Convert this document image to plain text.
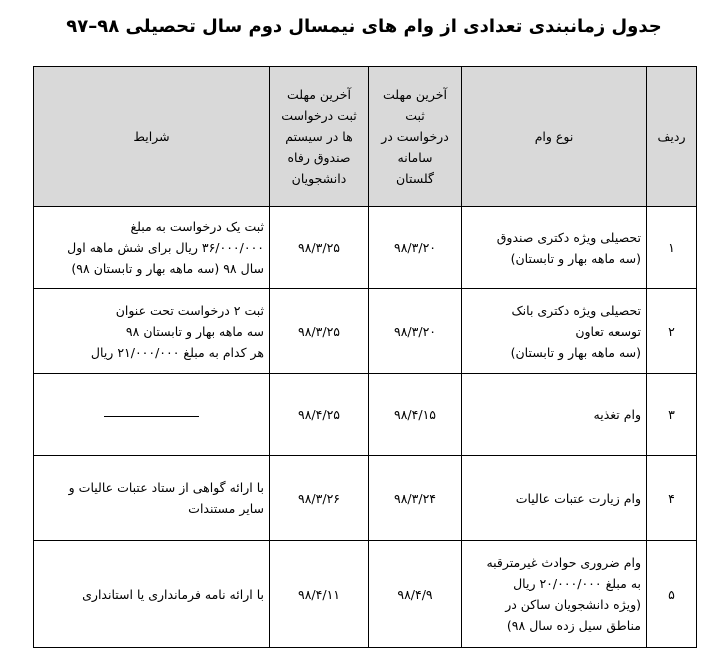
جدول زمانبندی تعدادی از وام های نیمسال دوم سال تحصیلی ۹۸–۹۷
ردیف	نوع وام	آخرین مهلت
ثبت
درخواست در
سامانه
گلستان	آخرین مهلت
ثبت درخواست
ها در سیستم
صندوق رفاه
دانشجویان	شرایط
۱	تحصیلی ویژه دکتری صندوق
(سه ماهه بهار و تابستان)	۹۸/۳/۲۰	۹۸/۳/۲۵	ثبت یک درخواست به مبلغ
۳۶/۰۰۰/۰۰۰ ریال برای شش ماهه اول
سال ۹۸ (سه ماهه بهار و تابستان ۹۸)

۲	تحصیلی ویژه دکتری بانک
توسعه تعاون
(سه ماهه بهار و تابستان)	۹۸/۳/۲۰	۹۸/۳/۲۵	ثبت ۲ درخواست تحت عنوان
سه ماهه بهار و تابستان ۹۸
هر کدام به مبلغ ۲۱/۰۰۰/۰۰۰ ریال

۳	وام تغذیه	۹۸/۴/۱۵	۹۸/۴/۲۵	
۴	وام زیارت عتبات عالیات	۹۸/۳/۲۴	۹۸/۳/۲۶	با ارائه گواهی از ستاد عتبات عالیات و
سایر مستندات

۵	وام ضروری حوادث غیرمترقبه
به مبلغ ۲۰/۰۰۰/۰۰۰ ریال
(ویژه دانشجویان ساکن در
مناطق سیل زده سال ۹۸)	۹۸/۴/۹	۹۸/۴/۱۱	با ارائه نامه فرمانداری یا استانداری
